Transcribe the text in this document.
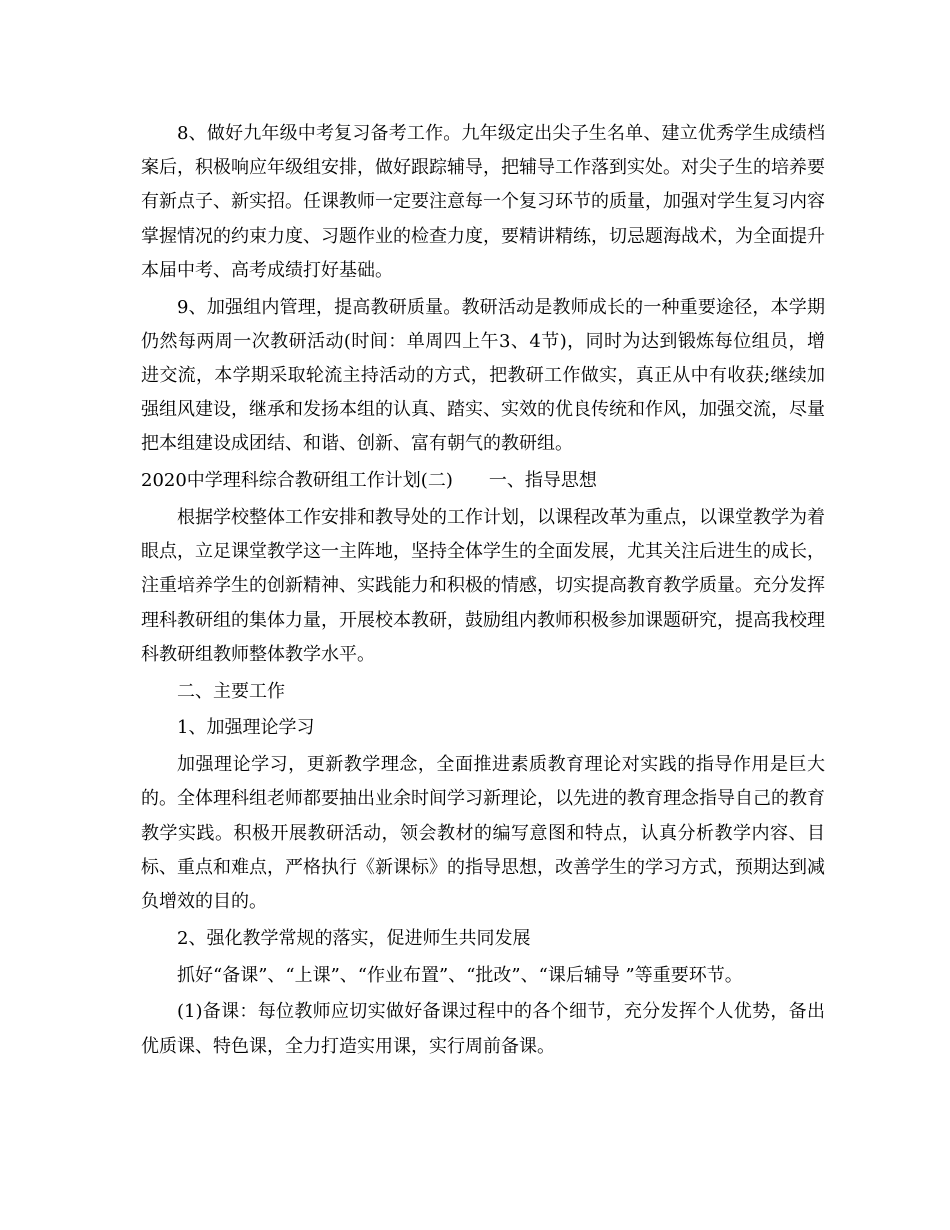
8、做好九年级中考复习备考工作。九年级定出尖子生名单、建立优秀学生成绩档案后，积极响应年级组安排，做好跟踪辅导，把辅导工作落到实处。对尖子生的培养要有新点子、新实招。任课教师一定要注意每一个复习环节的质量，加强对学生复习内容掌握情况的约束力度、习题作业的检查力度，要精讲精练，切忌题海战术，为全面提升本届中考、高考成绩打好基础。

9、加强组内管理，提高教研质量。教研活动是教师成长的一种重要途径，本学期仍然每两周一次教研活动(时间：单周四上午3、4节)，同时为达到锻炼每位组员，增进交流，本学期采取轮流主持活动的方式，把教研工作做实，真正从中有收获;继续加强组风建设，继承和发扬本组的认真、踏实、实效的优良传统和作风，加强交流，尽量把本组建设成团结、和谐、创新、富有朝气的教研组。

2020中学理科综合教研组工作计划(二)　　一、指导思想

根据学校整体工作安排和教导处的工作计划，以课程改革为重点，以课堂教学为着眼点，立足课堂教学这一主阵地，坚持全体学生的全面发展，尤其关注后进生的成长，注重培养学生的创新精神、实践能力和积极的情感，切实提高教育教学质量。充分发挥理科教研组的集体力量，开展校本教研，鼓励组内教师积极参加课题研究，提高我校理科教研组教师整体教学水平。

二、主要工作

1、加强理论学习

加强理论学习，更新教学理念，全面推进素质教育理论对实践的指导作用是巨大的。全体理科组老师都要抽出业余时间学习新理论，以先进的教育理念指导自己的教育教学实践。积极开展教研活动，领会教材的编写意图和特点，认真分析教学内容、目标、重点和难点，严格执行《新课标》的指导思想，改善学生的学习方式，预期达到减负增效的目的。

2、强化教学常规的落实，促进师生共同发展

抓好“备课”、“上课”、“作业布置”、“批改”、“课后辅导 ”等重要环节。

(1)备课：每位教师应切实做好备课过程中的各个细节，充分发挥个人优势，备出优质课、特色课，全力打造实用课，实行周前备课。
